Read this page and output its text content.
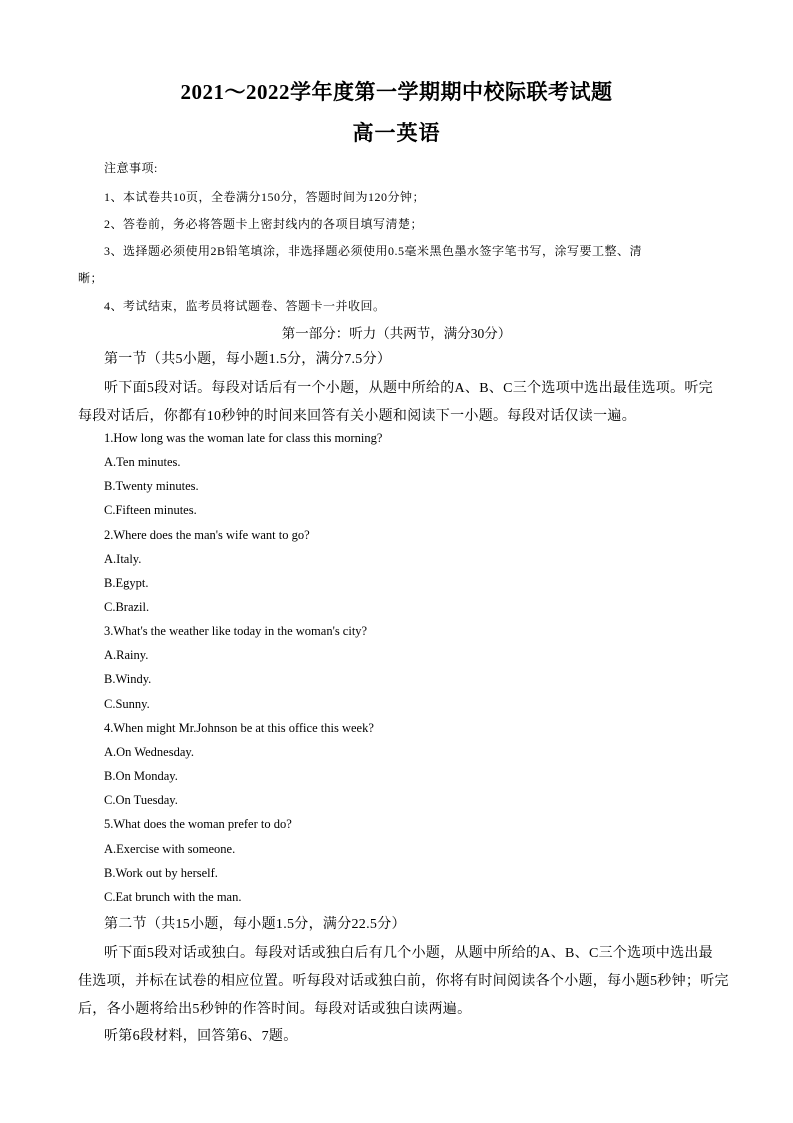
2021～2022学年度第一学期期中校际联考试题
高一英语
注意事项:
1、本试卷共10页，全卷满分150分，答题时间为120分钟；
2、答卷前，务必将答题卡上密封线内的各项目填写清楚；
3、选择题必须使用2B铅笔填涂，非选择题必须使用0.5毫米黑色墨水签字笔书写，涂写要工整、清
晰；
4、考试结束，监考员将试题卷、答题卡一并收回。
第一部分：听力（共两节，满分30分）
第一节（共5小题，每小题1.5分，满分7.5分）
听下面5段对话。每段对话后有一个小题，从题中所给的A、B、C三个选项中选出最佳选项。听完
每段对话后，你都有10秒钟的时间来回答有关小题和阅读下一小题。每段对话仅读一遍。
1.How long was the woman late for class this morning?
A.Ten minutes.
B.Twenty minutes.
C.Fifteen minutes.
2.Where does the man's wife want to go?
A.Italy.
B.Egypt.
C.Brazil.
3.What's the weather like today in the woman's city?
A.Rainy.
B.Windy.
C.Sunny.
4.When might Mr.Johnson be at this office this week?
A.On Wednesday.
B.On Monday.
C.On Tuesday.
5.What does the woman prefer to do?
A.Exercise with someone.
B.Work out by herself.
C.Eat brunch with the man.
第二节（共15小题，每小题1.5分，满分22.5分）
听下面5段对话或独白。每段对话或独白后有几个小题，从题中所给的A、B、C三个选项中选出最
佳选项，并标在试卷的相应位置。听每段对话或独白前，你将有时间阅读各个小题，每小题5秒钟；听完
后，各小题将给出5秒钟的作答时间。每段对话或独白读两遍。
听第6段材料，回答第6、7题。
